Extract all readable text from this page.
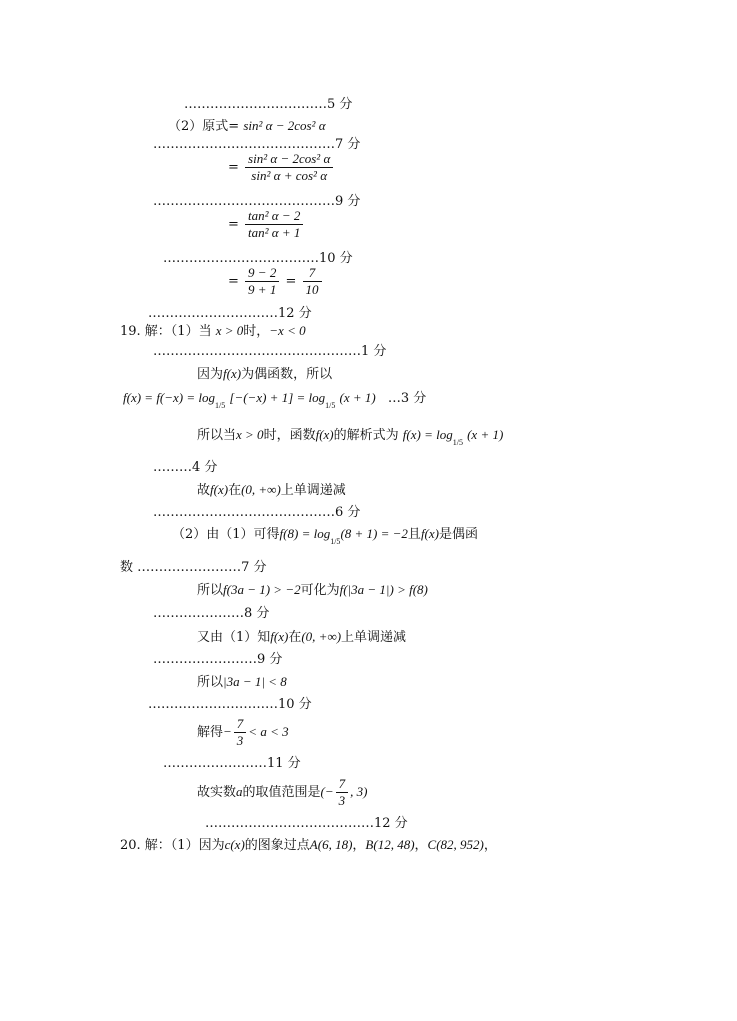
……………………………5 分
（2）原式= sin² α − 2cos² α
……………………………………7 分
= $\frac{\text{sin² α − 2cos² α}}{\text{sin² α + cos² α}}$
……………………………………9 分
= $\frac{\text{tan² α − 2}}{\text{tan² α + 1}}$
………………………………10 分
= $\frac{9 - 2}{9 + 1} = \frac{7}{10}$
…………………………12 分
19. 解：（1）当 x > 0时，−x < 0
…………………………………………1 分
因为f(x)为偶函数，所以
$f(x) = f(-x) = \log_{1/5} [-(-x) + 1] = \log_{1/5} (x + 1)$ …3 分
所以当x > 0时，函数f(x)的解析式为 $f(x) = \log_{1/5} (x + 1)$
………4 分
故f(x)在(0, +∞)上单调递减
……………………………………6 分
（2）由（1）可得$f(8) = \log_{1/5}(8 + 1) = -2$且f(x)是偶函
数 ……………………7 分
所以f(3a − 1) > −2可化为f(|3a − 1|) > f(8)
…………………8 分
又由（1）知f(x)在(0, +∞)上单调递减
……………………9 分
所以|3a − 1| < 8
…………………………10 分
解得− $\frac{7}{3} < a < 3$
……………………11 分
故实数a的取值范围是(− $\frac{7}{3}$ , 3)
…………………………………12 分
20. 解：（1）因为c(x)的图象过点A(6, 18)，B(12, 48)，C(82, 952)，
